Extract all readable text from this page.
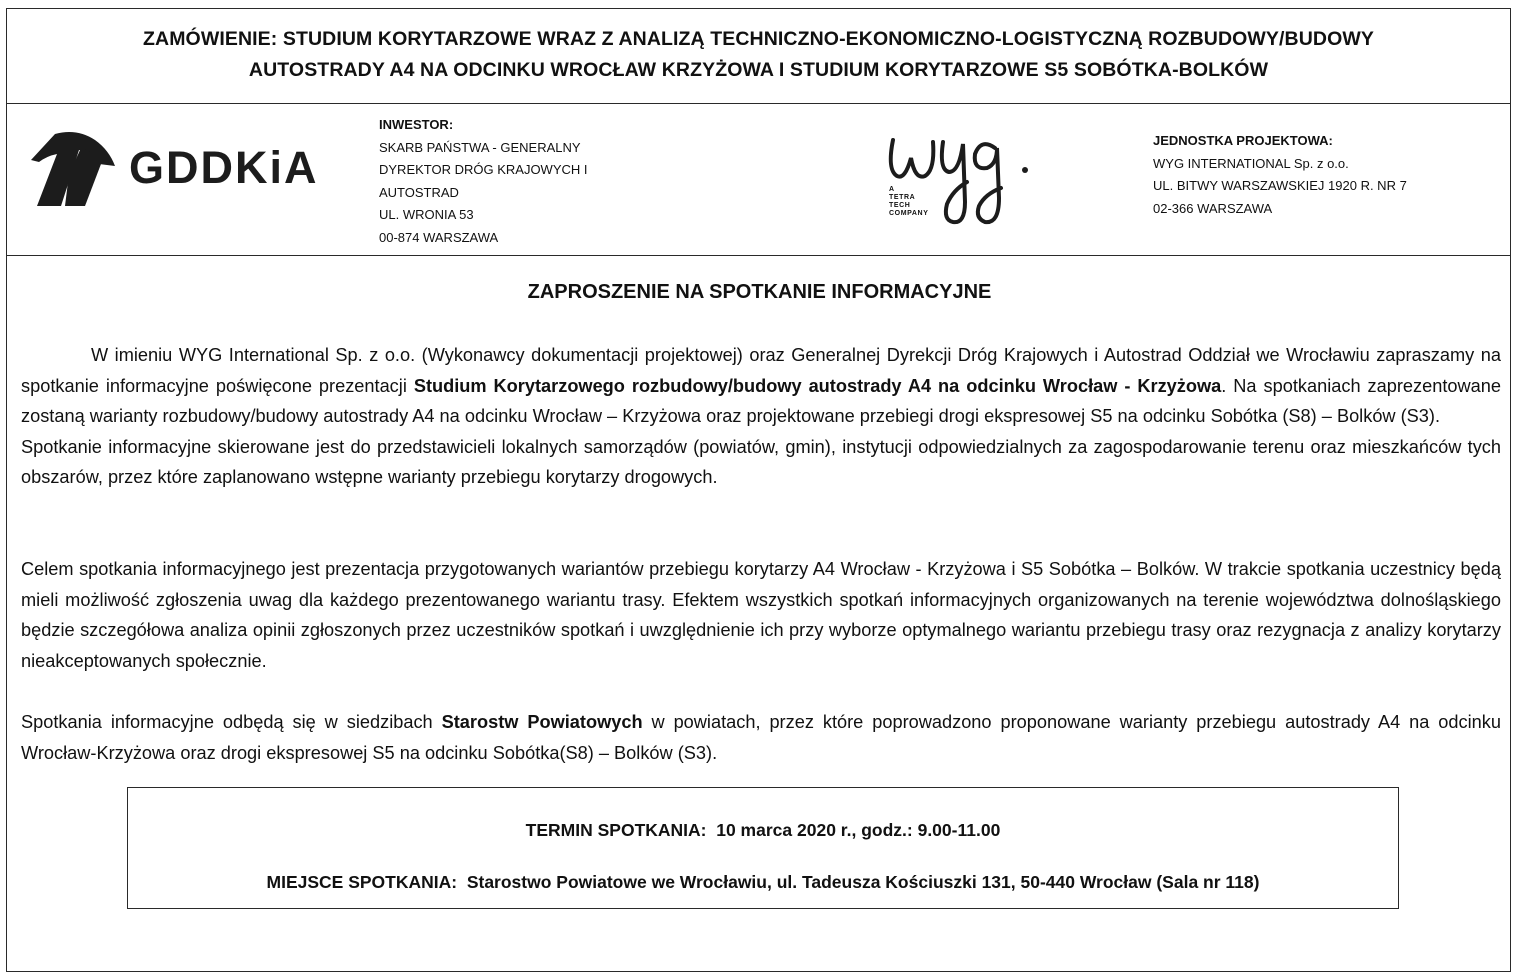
ZAMÓWIENIE: STUDIUM KORYTARZOWE WRAZ Z ANALIZĄ TECHNICZNO-EKONOMICZNO-LOGISTYCZNĄ ROZBUDOWY/BUDOWY
AUTOSTRADY A4 NA ODCINKU WROCŁAW KRZYŻOWA I STUDIUM KORYTARZOWE S5 SOBÓTKA-BOLKÓW
GDDKiA
INWESTOR:
SKARB PAŃSTWA - GENERALNY
DYREKTOR DRÓG KRAJOWYCH I
AUTOSTRAD
UL. WRONIA 53
00-874 WARSZAWA
A
TETRA
TECH
COMPANY
JEDNOSTKA PROJEKTOWA:
WYG INTERNATIONAL Sp. z o.o.
UL. BITWY WARSZAWSKIEJ 1920 R. NR 7
02-366 WARSZAWA
ZAPROSZENIE NA SPOTKANIE INFORMACYJNE
W imieniu WYG International Sp. z o.o. (Wykonawcy dokumentacji projektowej) oraz Generalnej Dyrekcji Dróg Krajowych i Autostrad Oddział we Wrocławiu zapraszamy na spotkanie informacyjne poświęcone prezentacji Studium Korytarzowego rozbudowy/budowy autostrady A4 na odcinku Wrocław - Krzyżowa. Na spotkaniach zaprezentowane zostaną warianty rozbudowy/budowy autostrady A4 na odcinku Wrocław – Krzyżowa oraz projektowane przebiegi drogi ekspresowej S5 na odcinku Sobótka (S8) – Bolków (S3).
Spotkanie informacyjne skierowane jest do przedstawicieli lokalnych samorządów (powiatów, gmin), instytucji odpowiedzialnych za zagospodarowanie terenu oraz mieszkańców tych obszarów, przez które zaplanowano wstępne warianty przebiegu korytarzy drogowych.
Celem spotkania informacyjnego jest prezentacja przygotowanych wariantów przebiegu korytarzy A4 Wrocław - Krzyżowa i S5 Sobótka – Bolków. W trakcie spotkania uczestnicy będą mieli możliwość zgłoszenia uwag dla każdego prezentowanego wariantu trasy. Efektem wszystkich spotkań informacyjnych organizowanych na terenie województwa dolnośląskiego będzie szczegółowa analiza opinii zgłoszonych przez uczestników spotkań i uwzględnienie ich przy wyborze optymalnego wariantu przebiegu trasy oraz rezygnacja z analizy korytarzy nieakceptowanych społecznie.
Spotkania informacyjne odbędą się w siedzibach Starostw Powiatowych w powiatach, przez które poprowadzono proponowane warianty przebiegu autostrady A4 na odcinku Wrocław-Krzyżowa oraz drogi ekspresowej S5 na odcinku Sobótka(S8) – Bolków (S3).
TERMIN SPOTKANIA: 10 marca 2020 r., godz.: 9.00-11.00
MIEJSCE SPOTKANIA: Starostwo Powiatowe we Wrocławiu, ul. Tadeusza Kościuszki 131, 50-440 Wrocław (Sala nr 118)
